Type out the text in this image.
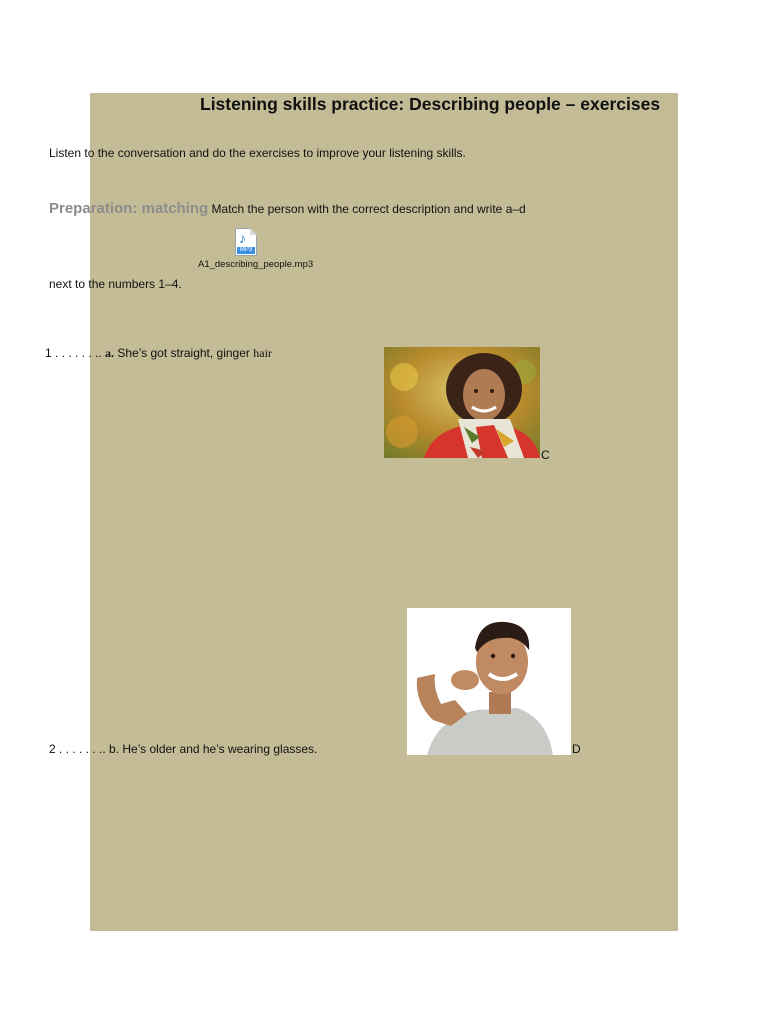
Listening skills practice: Describing people – exercises
Listen to the conversation and do the exercises to improve your listening skills.
Preparation: matching Match the person with the correct description and write a–d
♪
MP3
A1_describing_people.mp3
next to the numbers 1–4.
1 . . . . . . .. a. She’s got straight, ginger hair
C
2 . . . . . . .. b. He’s older and he’s wearing glasses.	D
